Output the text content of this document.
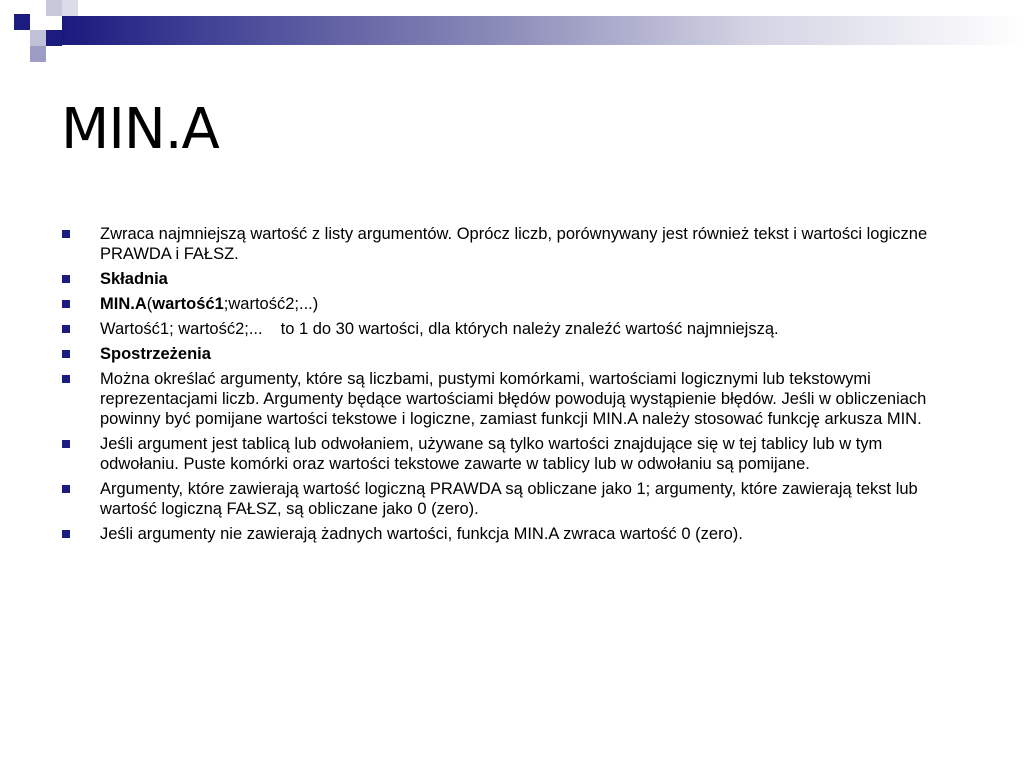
MIN.A
Zwraca najmniejszą wartość z listy argumentów. Oprócz liczb, porównywany jest również tekst i wartości logiczne PRAWDA i FAŁSZ.
Składnia
MIN.A(wartość1;wartość2;...)
Wartość1; wartość2;... to 1 do 30 wartości, dla których należy znaleźć wartość najmniejszą.
Spostrzeżenia
Można określać argumenty, które są liczbami, pustymi komórkami, wartościami logicznymi lub tekstowymi reprezentacjami liczb. Argumenty będące wartościami błędów powodują wystąpienie błędów. Jeśli w obliczeniach powinny być pomijane wartości tekstowe i logiczne, zamiast funkcji MIN.A należy stosować funkcję arkusza MIN.
Jeśli argument jest tablicą lub odwołaniem, używane są tylko wartości znajdujące się w tej tablicy lub w tym odwołaniu. Puste komórki oraz wartości tekstowe zawarte w tablicy lub w odwołaniu są pomijane.
Argumenty, które zawierają wartość logiczną PRAWDA są obliczane jako 1; argumenty, które zawierają tekst lub wartość logiczną FAŁSZ, są obliczane jako 0 (zero).
Jeśli argumenty nie zawierają żadnych wartości, funkcja MIN.A zwraca wartość 0 (zero).
